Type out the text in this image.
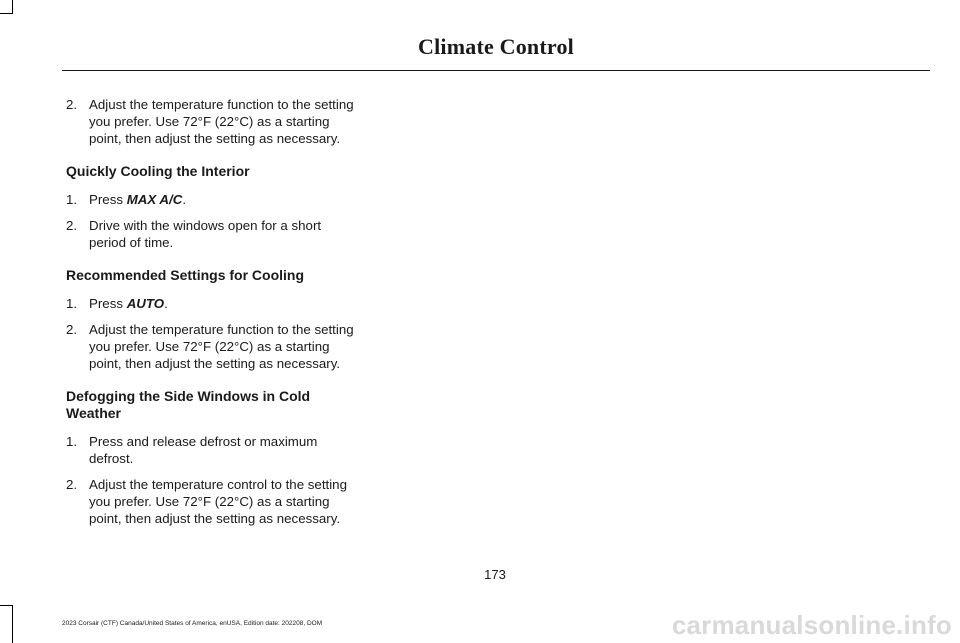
Climate Control
2. Adjust the temperature function to the setting you prefer. Use 72°F (22°C) as a starting point, then adjust the setting as necessary.
Quickly Cooling the Interior
1. Press MAX A/C.
2. Drive with the windows open for a short period of time.
Recommended Settings for Cooling
1. Press AUTO.
2. Adjust the temperature function to the setting you prefer. Use 72°F (22°C) as a starting point, then adjust the setting as necessary.
Defogging the Side Windows in Cold Weather
1. Press and release defrost or maximum defrost.
2. Adjust the temperature control to the setting you prefer. Use 72°F (22°C) as a starting point, then adjust the setting as necessary.
173
2023 Corsair (CTF) Canada/United States of America, enUSA, Edition date: 202208, DOM	carmanualsonline.info
